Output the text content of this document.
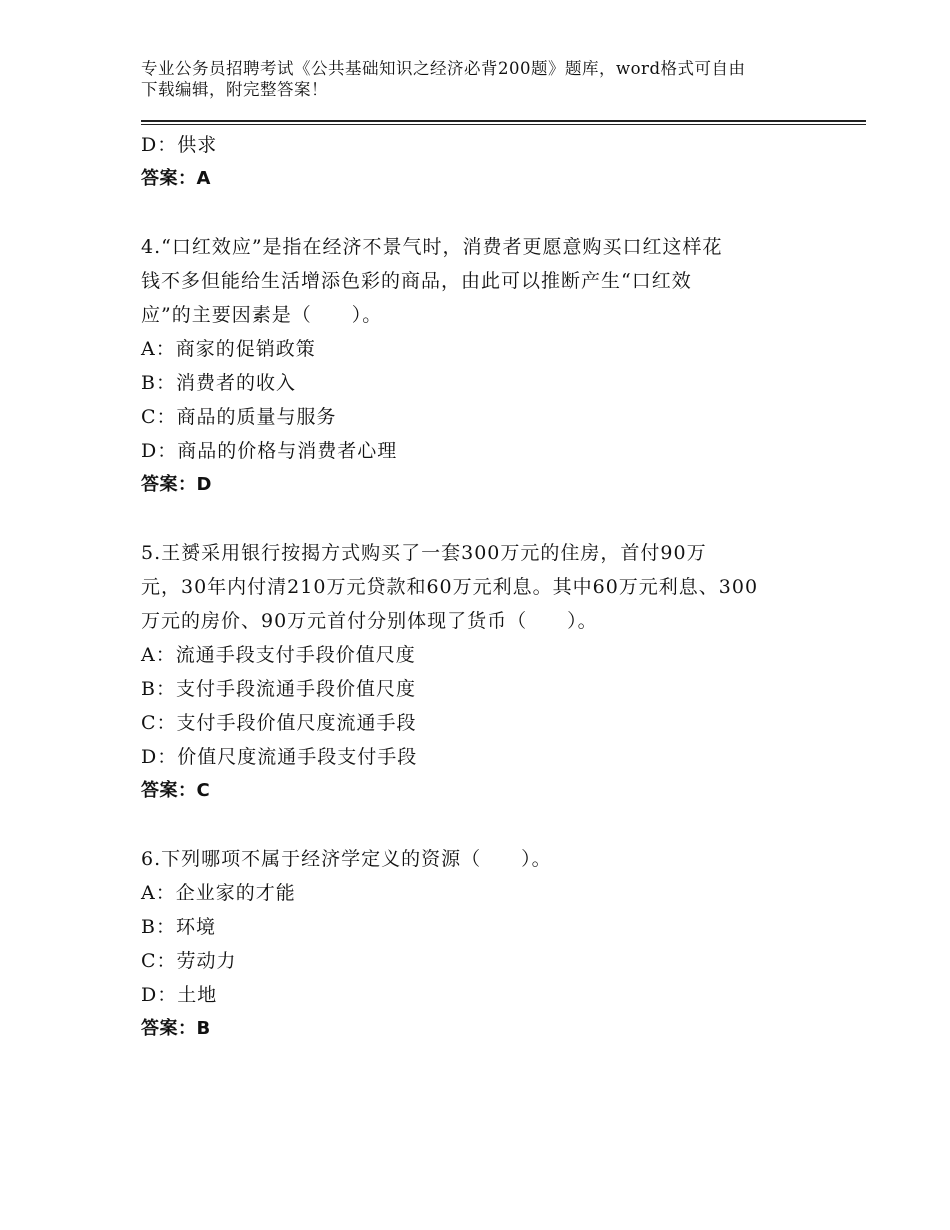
专业公务员招聘考试《公共基础知识之经济必背200题》题库，word格式可自由
下载编辑，附完整答案！
D：供求
答案：A
4.“口红效应”是指在经济不景气时，消费者更愿意购买口红这样花
钱不多但能给生活增添色彩的商品，由此可以推断产生“口红效
应”的主要因素是（　　）。
A：商家的促销政策
B：消费者的收入
C：商品的质量与服务
D：商品的价格与消费者心理
答案：D
5.王赟采用银行按揭方式购买了一套300万元的住房，首付90万
元，30年内付清210万元贷款和60万元利息。其中60万元利息、300
万元的房价、90万元首付分别体现了货币（　　）。
A：流通手段支付手段价值尺度
B：支付手段流通手段价值尺度
C：支付手段价值尺度流通手段
D：价值尺度流通手段支付手段
答案：C
6.下列哪项不属于经济学定义的资源（　　）。
A：企业家的才能
B：环境
C：劳动力
D：土地
答案：B
